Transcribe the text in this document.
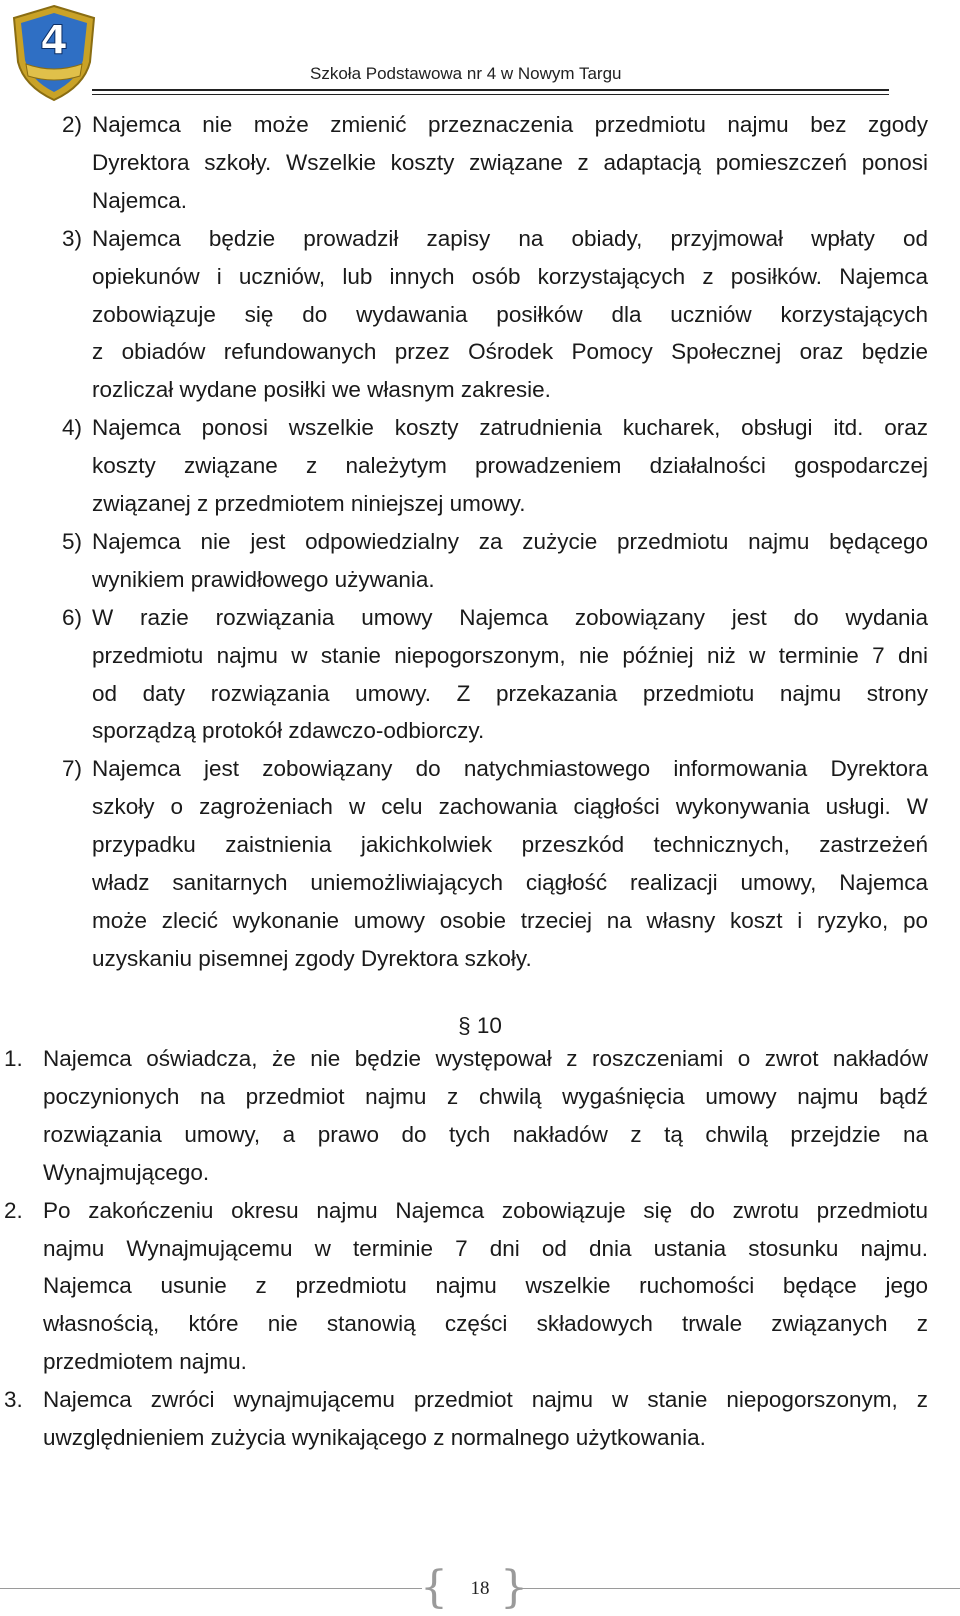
4
Szkoła Podstawowa nr 4 w Nowym Targu
2) Najemca nie może zmienić przeznaczenia przedmiotu najmu bez zgody
Dyrektora szkoły. Wszelkie koszty związane z adaptacją pomieszczeń ponosi
Najemca.
3) Najemca będzie prowadził zapisy na obiady, przyjmował wpłaty od
opiekunów i uczniów, lub innych osób korzystających z posiłków. Najemca
zobowiązuje się do wydawania posiłków dla uczniów korzystających
z obiadów refundowanych przez Ośrodek Pomocy Społecznej oraz będzie
rozliczał wydane posiłki we własnym zakresie.
4) Najemca ponosi wszelkie koszty zatrudnienia kucharek, obsługi itd. oraz
koszty związane z należytym prowadzeniem działalności gospodarczej
związanej z przedmiotem niniejszej umowy.
5) Najemca nie jest odpowiedzialny za zużycie przedmiotu najmu będącego
wynikiem prawidłowego używania.
6) W razie rozwiązania umowy Najemca zobowiązany jest do wydania
przedmiotu najmu w stanie niepogorszonym, nie później niż w terminie 7 dni
od daty rozwiązania umowy. Z przekazania przedmiotu najmu strony
sporządzą protokół zdawczo-odbiorczy.
7) Najemca jest zobowiązany do natychmiastowego informowania Dyrektora
szkoły o zagrożeniach w celu zachowania ciągłości wykonywania usługi. W
przypadku zaistnienia jakichkolwiek przeszkód technicznych, zastrzeżeń
władz sanitarnych uniemożliwiających ciągłość realizacji umowy, Najemca
może zlecić wykonanie umowy osobie trzeciej na własny koszt i ryzyko, po
uzyskaniu pisemnej zgody Dyrektora szkoły.
§ 10
1. Najemca oświadcza, że nie będzie występował z roszczeniami o zwrot nakładów
poczynionych na przedmiot najmu z chwilą wygaśnięcia umowy najmu bądź
rozwiązania umowy, a prawo do tych nakładów z tą chwilą przejdzie na
Wynajmującego.
2. Po zakończeniu okresu najmu Najemca zobowiązuje się do zwrotu przedmiotu
najmu Wynajmującemu w terminie 7 dni od dnia ustania stosunku najmu.
Najemca usunie z przedmiotu najmu wszelkie ruchomości będące jego
własnością, które nie stanowią części składowych trwale związanych z
przedmiotem najmu.
3. Najemca zwróci wynajmującemu przedmiot najmu w stanie niepogorszonym, z
uwzględnieniem zużycia wynikającego z normalnego użytkowania.
{	18 }
